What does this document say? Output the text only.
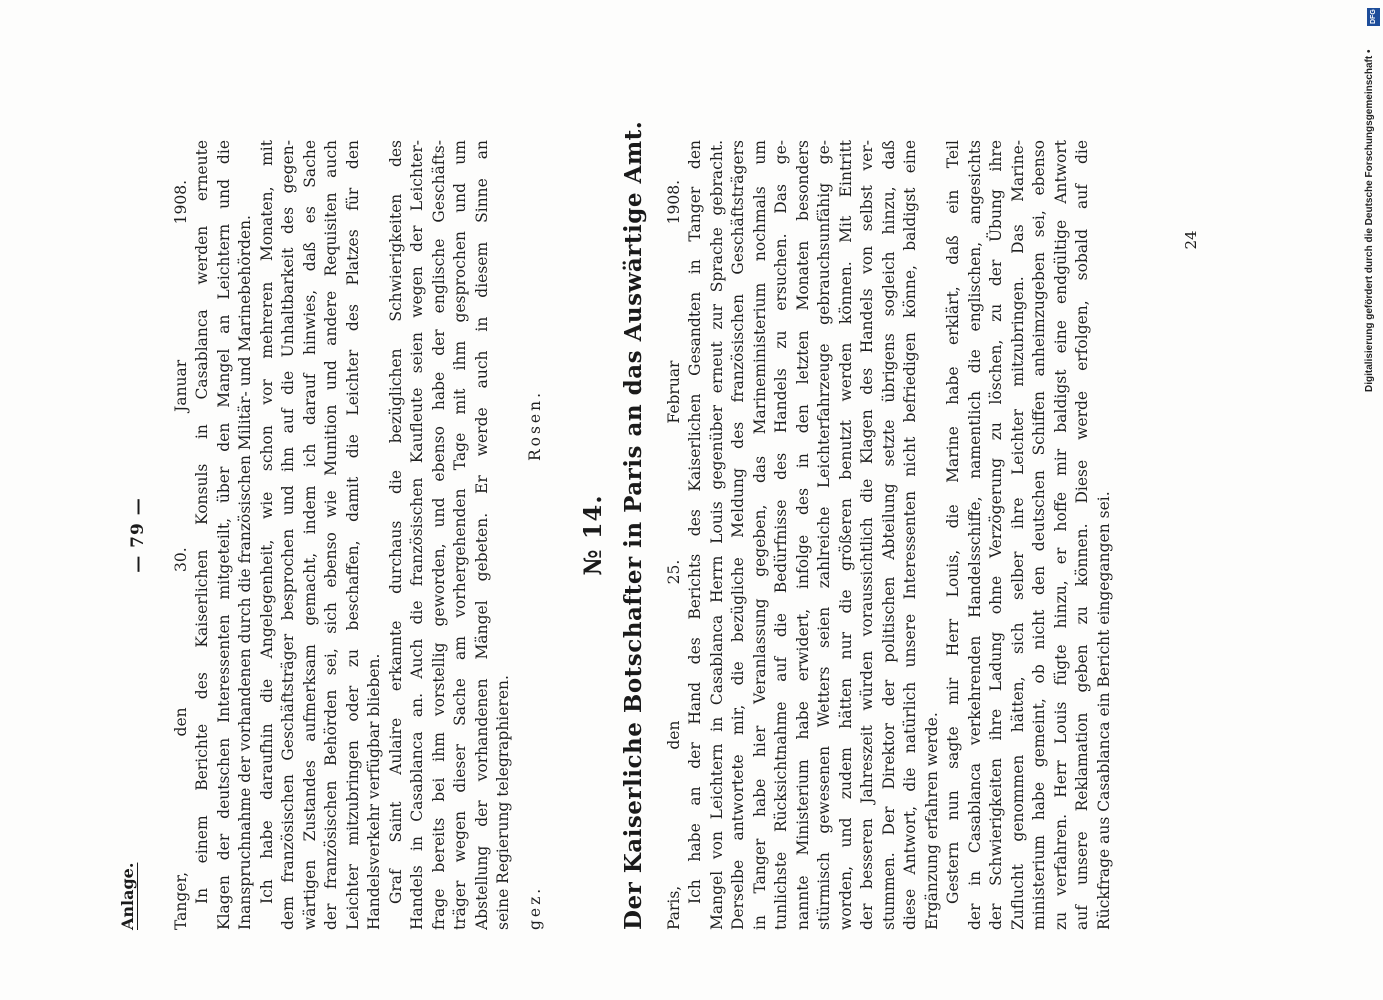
Anlage.
— 79 — Tanger, den 30. Januar 1908. In einem Berichte des Kaiserlichen Konsuls in Casablanca werden erneute Klagen der deutschen Interessenten mitgeteilt, über den Mangel an Leichtern und die Inanspruchnahme der vorhandenen durch die französischen Militär- und Marinebehörden. Ich habe daraufhin die Angelegenheit, wie schon vor mehreren Monaten, mit dem französischen Geschäftsträger besprochen und ihn auf die Unhaltbarkeit des gegen- wärtigen Zustandes aufmerksam gemacht, indem ich darauf hinwies, daß es Sache der französischen Behörden sei, sich ebenso wie Munition und andere Requisiten auch Leichter mitzubringen oder zu beschaffen, damit die Leichter des Platzes für den Handelsverkehr verfügbar blieben. Graf Saint Aulaire erkannte durchaus die bezüglichen Schwierigkeiten des Handels in Casablanca an. Auch die französischen Kaufleute seien wegen der Leichter- frage bereits bei ihm vorstellig geworden, und ebenso habe der englische Geschäfts- träger wegen dieser Sache am vorhergehenden Tage mit ihm gesprochen und um Abstellung der vorhandenen Mängel gebeten. Er werde auch in diesem Sinne an seine Regierung telegraphieren. gez. Rosen. № 14. Der Kaiserliche Botschafter in Paris an das Auswärtige Amt. Paris, den 25. Februar 1908. Ich habe an der Hand des Berichts des Kaiserlichen Gesandten in Tanger den Mangel von Leichtern in Casablanca Herrn Louis gegenüber erneut zur Sprache gebracht. Derselbe antwortete mir, die bezügliche Meldung des französischen Geschäftsträgers in Tanger habe hier Veranlassung gegeben, das Marineministerium nochmals um tunlichste Rücksichtnahme auf die Bedürfnisse des Handels zu ersuchen. Das ge- nannte Ministerium habe erwidert, infolge des in den letzten Monaten besonders stürmisch gewesenen Wetters seien zahlreiche Leichterfahrzeuge gebrauchsunfähig ge- worden, und zudem hätten nur die größeren benutzt werden können. Mit Eintritt der besseren Jahreszeit würden voraussichtlich die Klagen des Handels von selbst ver- stummen. Der Direktor der politischen Abteilung setzte übrigens sogleich hinzu, daß diese Antwort, die natürlich unsere Interessenten nicht befriedigen könne, baldigst eine Ergänzung erfahren werde. Gestern nun sagte mir Herr Louis, die Marine habe erklärt, daß ein Teil der in Casablanca verkehrenden Handelsschiffe, namentlich die englischen, angesichts der Schwierigkeiten ihre Ladung ohne Verzögerung zu löschen, zu der Übung ihre Zuflucht genommen hätten, sich selber ihre Leichter mitzubringen. Das Marine- ministerium habe gemeint, ob nicht den deutschen Schiffen anheimzugeben sei, ebenso zu verfahren. Herr Louis fügte hinzu, er hoffe mir baldigst eine endgültige Antwort auf unsere Reklamation geben zu können. Diese werde erfolgen, sobald auf die Rückfrage aus Casablanca ein Bericht eingegangen sei.
24
DFG
Digitalisierung gefördert durch die Deutsche Forschungsgemeinschaft •
